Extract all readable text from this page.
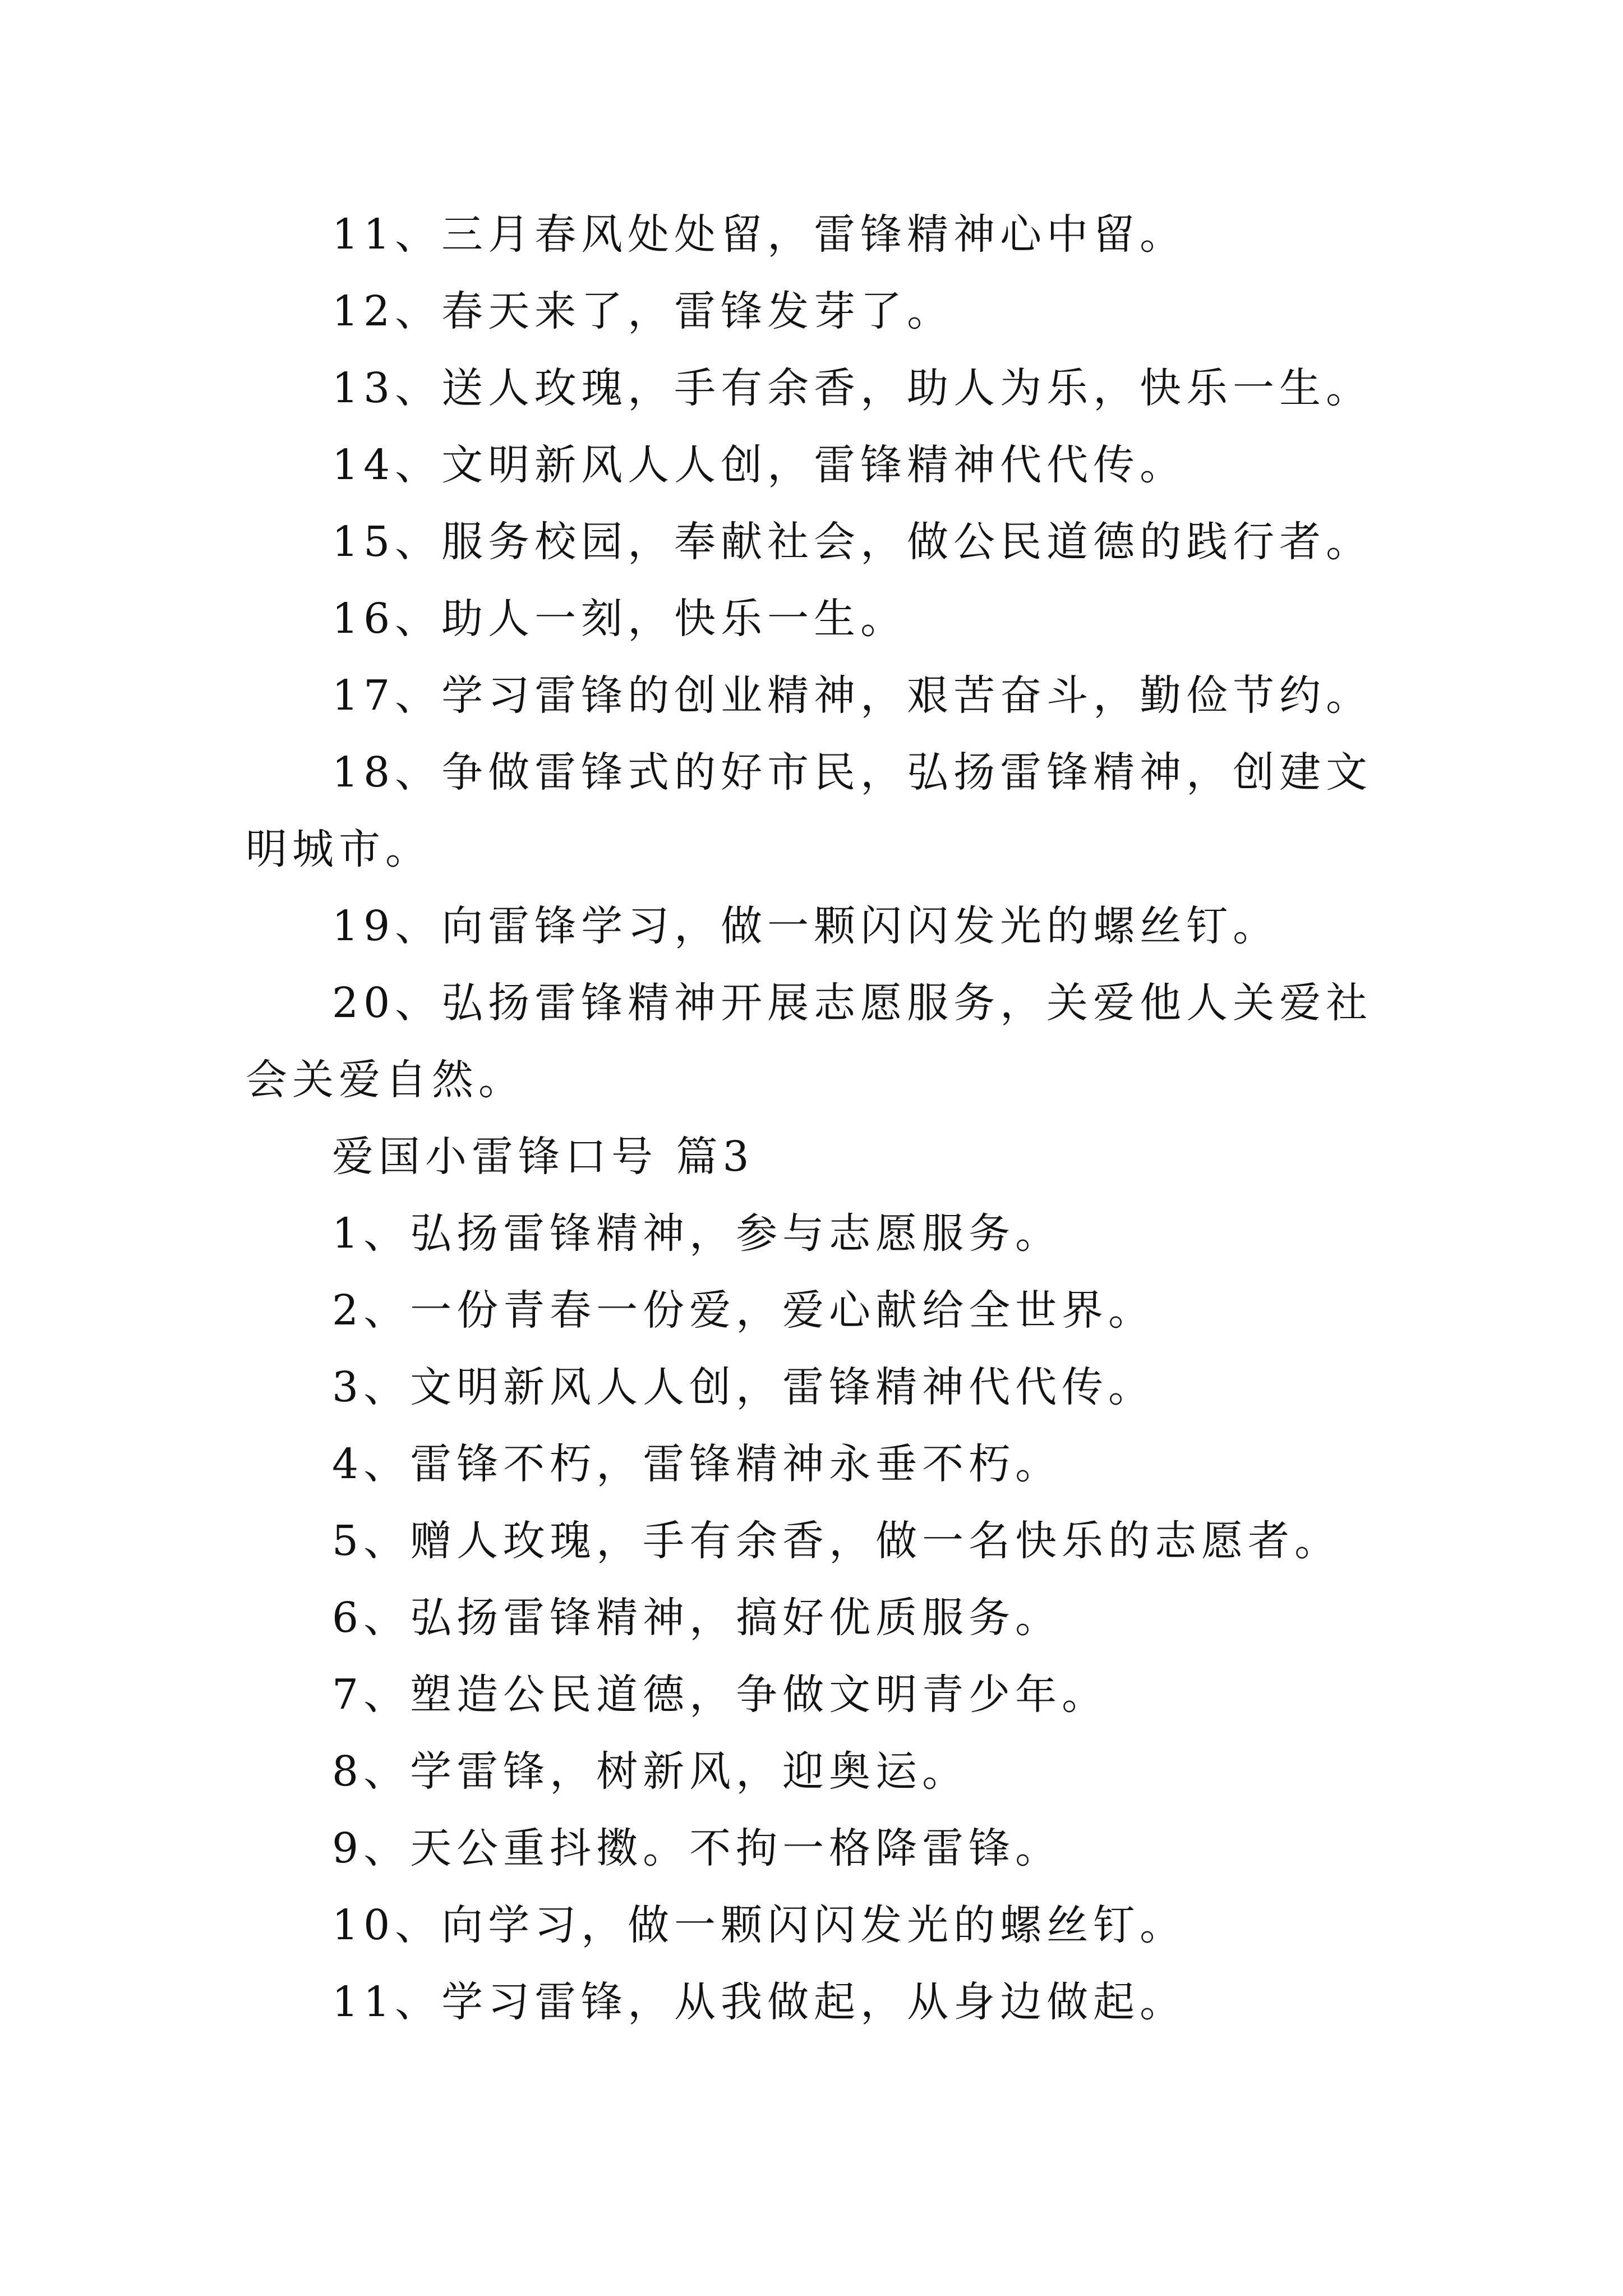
11、三月春风处处留，雷锋精神心中留。

12、春天来了，雷锋发芽了。

13、送人玫瑰，手有余香，助人为乐，快乐一生。

14、文明新风人人创，雷锋精神代代传。

15、服务校园，奉献社会，做公民道德的践行者。

16、助人一刻，快乐一生。

17、学习雷锋的创业精神，艰苦奋斗，勤俭节约。

18、争做雷锋式的好市民，弘扬雷锋精神，创建文明城市。

19、向雷锋学习，做一颗闪闪发光的螺丝钉。

20、弘扬雷锋精神开展志愿服务，关爱他人关爱社会关爱自然。

爱国小雷锋口号 篇3

1、弘扬雷锋精神，参与志愿服务。

2、一份青春一份爱，爱心献给全世界。

3、文明新风人人创，雷锋精神代代传。

4、雷锋不朽，雷锋精神永垂不朽。

5、赠人玫瑰，手有余香，做一名快乐的志愿者。

6、弘扬雷锋精神，搞好优质服务。

7、塑造公民道德，争做文明青少年。

8、学雷锋，树新风，迎奥运。

9、天公重抖擞。不拘一格降雷锋。

10、向学习，做一颗闪闪发光的螺丝钉。

11、学习雷锋，从我做起，从身边做起。
